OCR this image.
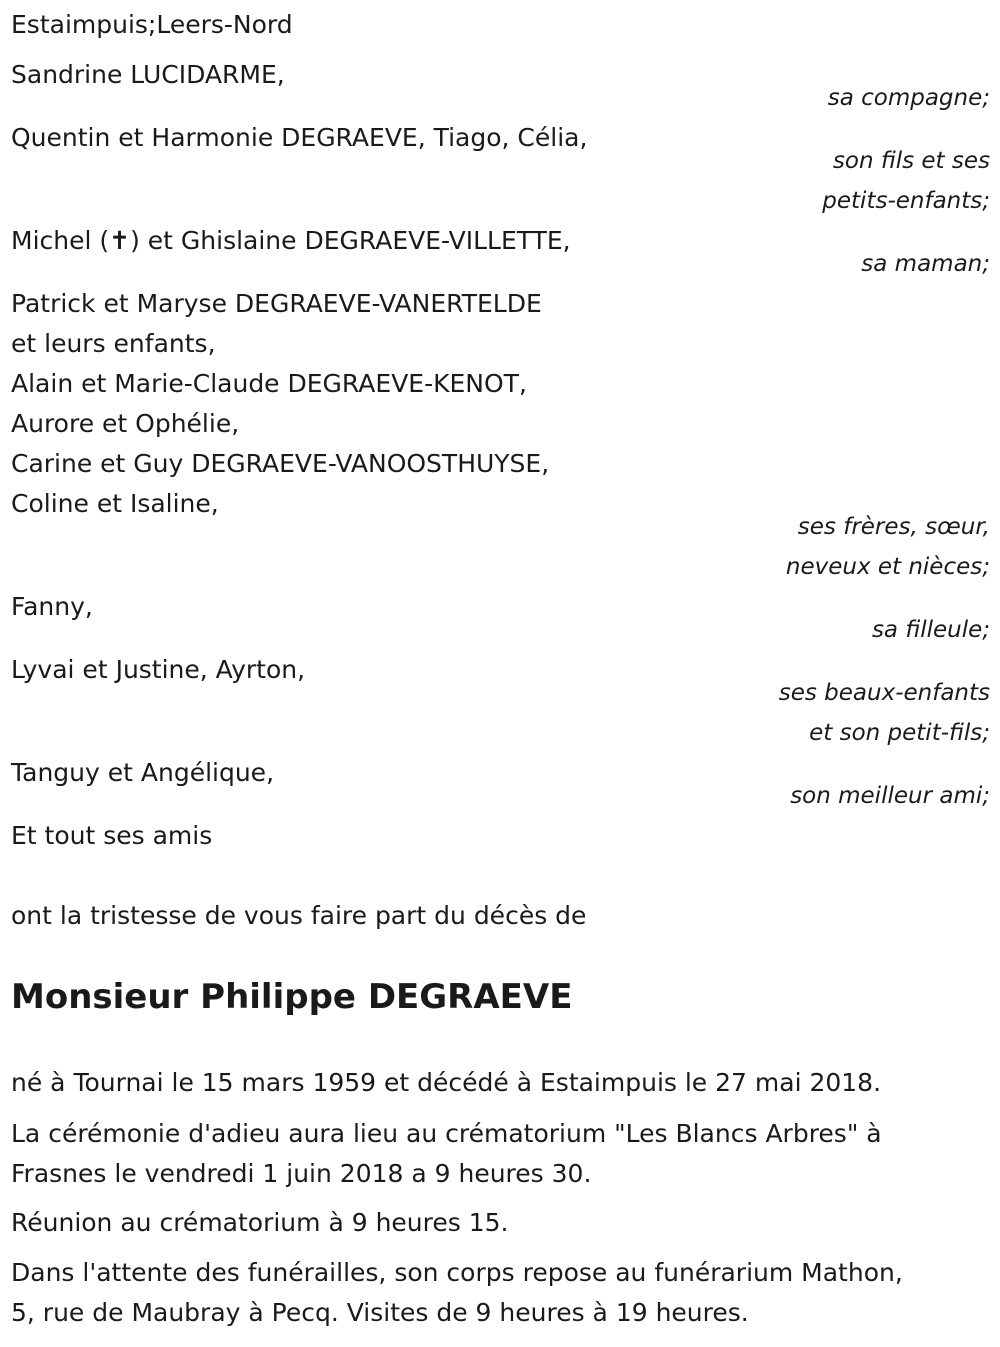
Estaimpuis;Leers-Nord
Sandrine LUCIDARME,
sa compagne;
Quentin et Harmonie DEGRAEVE, Tiago, Célia,
son fils et ses
petits-enfants;
Michel (✝) et Ghislaine DEGRAEVE-VILLETTE,
sa maman;
Patrick et Maryse DEGRAEVE-VANERTELDE
et leurs enfants,
Alain et Marie-Claude DEGRAEVE-KENOT,
Aurore et Ophélie,
Carine et Guy DEGRAEVE-VANOOSTHUYSE,
Coline et Isaline,
ses frères, sœur,
neveux et nièces;
Fanny,
sa filleule;
Lyvai et Justine, Ayrton,
ses beaux-enfants
et son petit-fils;
Tanguy et Angélique,
son meilleur ami;
Et tout ses amis
ont la tristesse de vous faire part du décès de
Monsieur Philippe DEGRAEVE
né à Tournai le 15 mars 1959 et décédé à Estaimpuis le 27 mai 2018.
La cérémonie d'adieu aura lieu au crématorium "Les Blancs Arbres" à
Frasnes le vendredi 1 juin 2018 a 9 heures 30.
Réunion au crématorium à 9 heures 15.
Dans l'attente des funérailles, son corps repose au funérarium Mathon,
5, rue de Maubray à Pecq. Visites de 9 heures à 19 heures.
